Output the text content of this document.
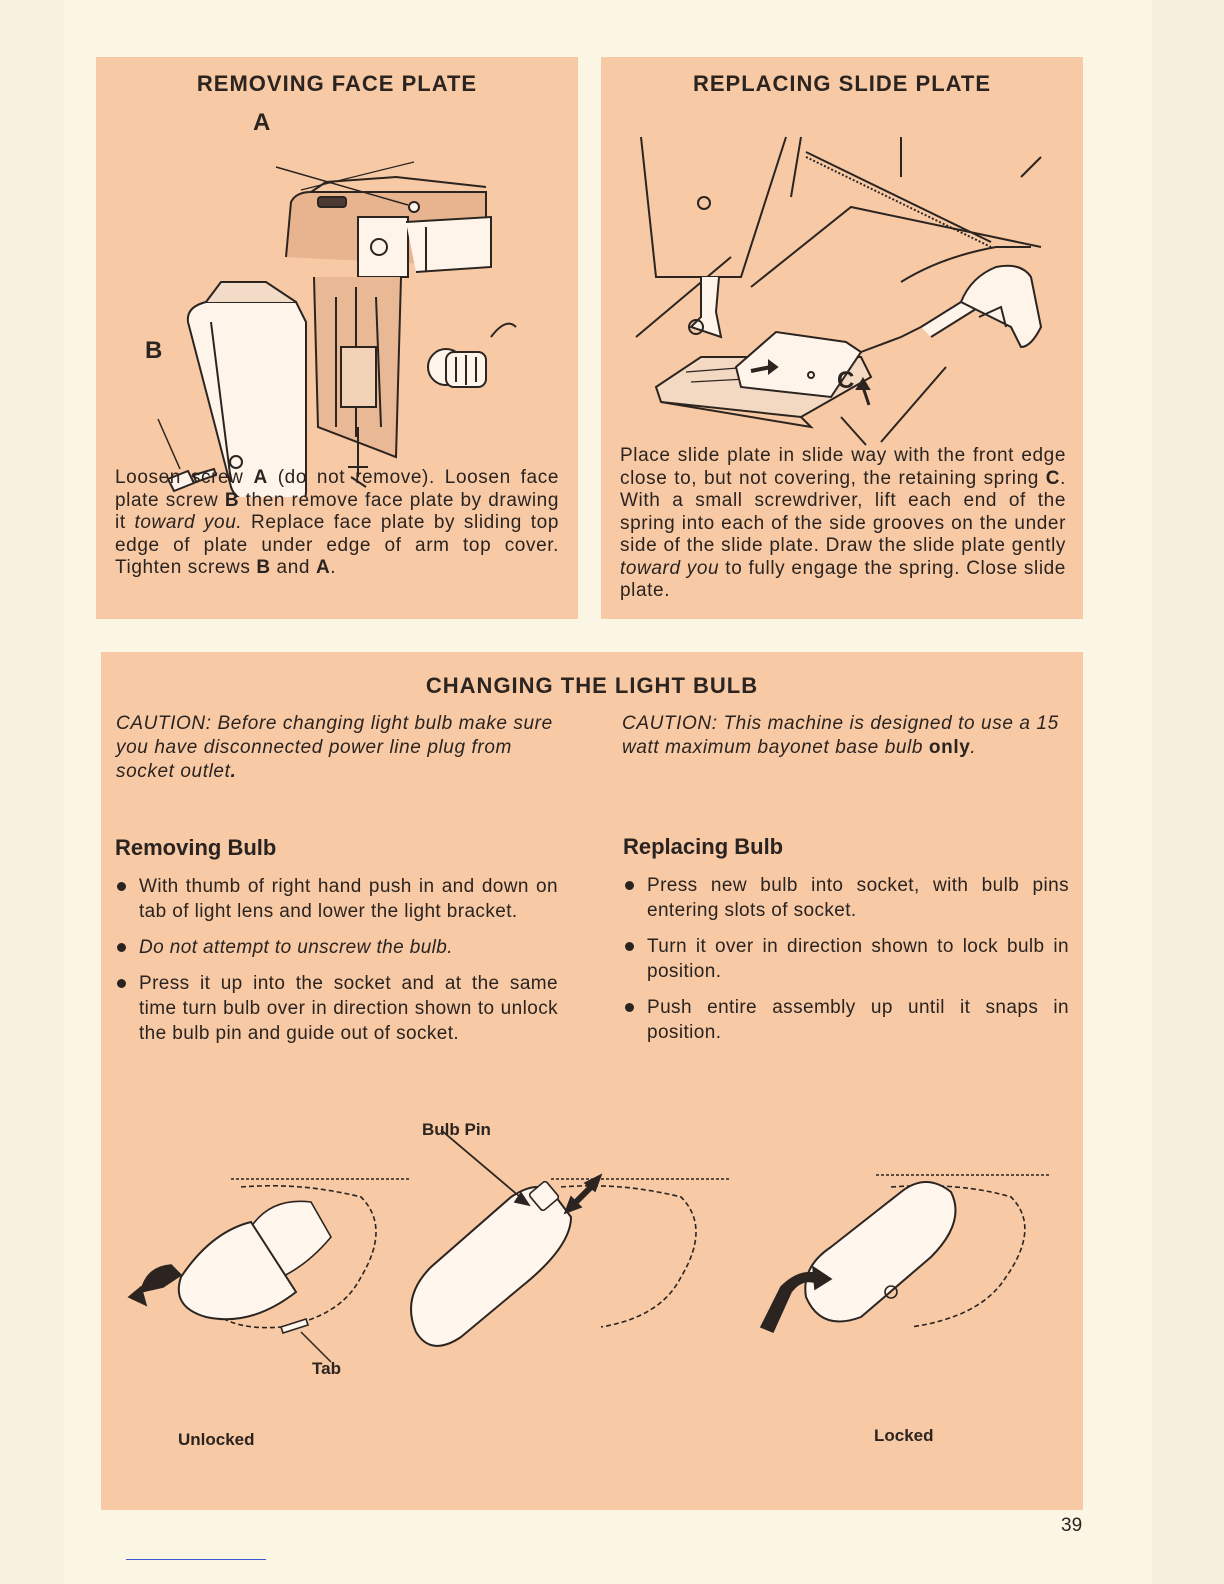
REMOVING FACE PLATE
A
B

Loosen screw A (do not remove). Loosen face plate screw B then remove face plate by drawing it toward you. Replace face plate by sliding top edge of plate under edge of arm top cover. Tighten screws B and A.

REPLACING SLIDE PLATE
C

Place slide plate in slide way with the front edge close to, but not covering, the retaining spring C. With a small screwdriver, lift each end of the spring into each of the side grooves on the under side of the slide plate. Draw the slide plate gently toward you to fully engage the spring. Close slide plate.

CHANGING THE LIGHT BULB

CAUTION: Before changing light bulb make sure you have disconnected power line plug from socket outlet.

CAUTION: This machine is designed to use a 15 watt maximum bayonet base bulb only.

Removing Bulb
With thumb of right hand push in and down on tab of light lens and lower the light bracket.
Do not attempt to unscrew the bulb.
Press it up into the socket and at the same time turn bulb over in direction shown to unlock the bulb pin and guide out of socket.
Replacing Bulb
Press new bulb into socket, with bulb pins entering slots of socket.
Turn it over in direction shown to lock bulb in position.
Push entire assembly up until it snaps in position.
Bulb Pin
Tab
Unlocked	Locked
39
